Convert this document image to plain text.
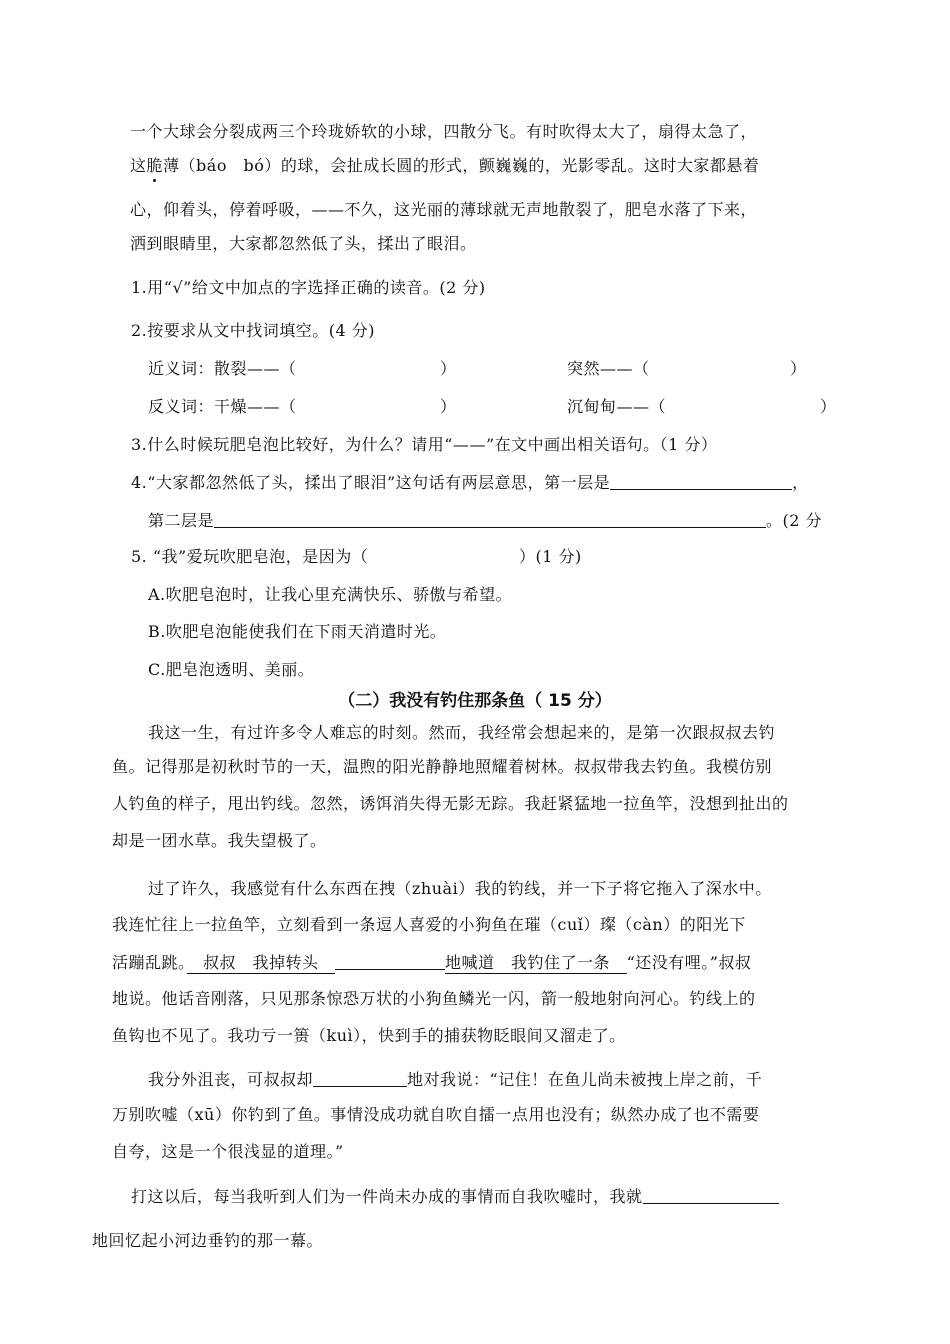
一个大球会分裂成两三个玲珑娇软的小球，四散分飞。有时吹得太大了，扇得太急了，
这脆薄（báo　bó）的球，会扯成长圆的形式，颤巍巍的，光影零乱。这时大家都悬着
心，仰着头，停着呼吸，——不久，这光丽的薄球就无声地散裂了，肥皂水落了下来，
洒到眼睛里，大家都忽然低了头，揉出了眼泪。
1.用“√”给文中加点的字选择正确的读音。(2 分)
2.按要求从文中找词填空。(4 分)
近义词：散裂——（	）	突然——（	）
反义词：干燥——（	）	沉甸甸——（	）
3.什么时候玩肥皂泡比较好，为什么？请用“——”在文中画出相关语句。（1 分）
4.“大家都忽然低了头，揉出了眼泪”这句话有两层意思，第一层是	，
第二层是	。(2 分
5. “我”爱玩吹肥皂泡，是因为（	）(1 分)
A.吹肥皂泡时，让我心里充满快乐、骄傲与希望。
B.吹肥皂泡能使我们在下雨天消遣时光。
C.肥皂泡透明、美丽。
（二）我没有钓住那条鱼（ 15 分）
我这一生，有过许多令人难忘的时刻。然而，我经常会想起来的，是第一次跟叔叔去钓
鱼。记得那是初秋时节的一天，温煦的阳光静静地照耀着树林。叔叔带我去钓鱼。我模仿别
人钓鱼的样子，甩出钓线。忽然，诱饵消失得无影无踪。我赶紧猛地一拉鱼竿，没想到扯出的
却是一团水草。我失望极了。
过了许久，我感觉有什么东西在拽（zhuài）我的钓线，并一下子将它拖入了深水中。
我连忙往上一拉鱼竿，立刻看到一条逗人喜爱的小狗鱼在璀（cuǐ）璨（càn）的阳光下
活蹦乱跳。　叔叔　我掉转头　	地喊道　我钓住了一条　“还没有哩。”叔叔
地说。他话音刚落，只见那条惊恐万状的小狗鱼鳞光一闪，箭一般地射向河心。钓线上的
鱼钩也不见了。我功亏一篑（kuì），快到手的捕获物眨眼间又溜走了。
我分外沮丧，可叔叔却	地对我说：“记住！在鱼儿尚未被拽上岸之前，千
万别吹嘘（xū）你钓到了鱼。事情没成功就自吹自擂一点用也没有；纵然办成了也不需要
自夸，这是一个很浅显的道理。”
打这以后，每当我听到人们为一件尚未办成的事情而自我吹嘘时，我就
地回忆起小河边垂钓的那一幕。
